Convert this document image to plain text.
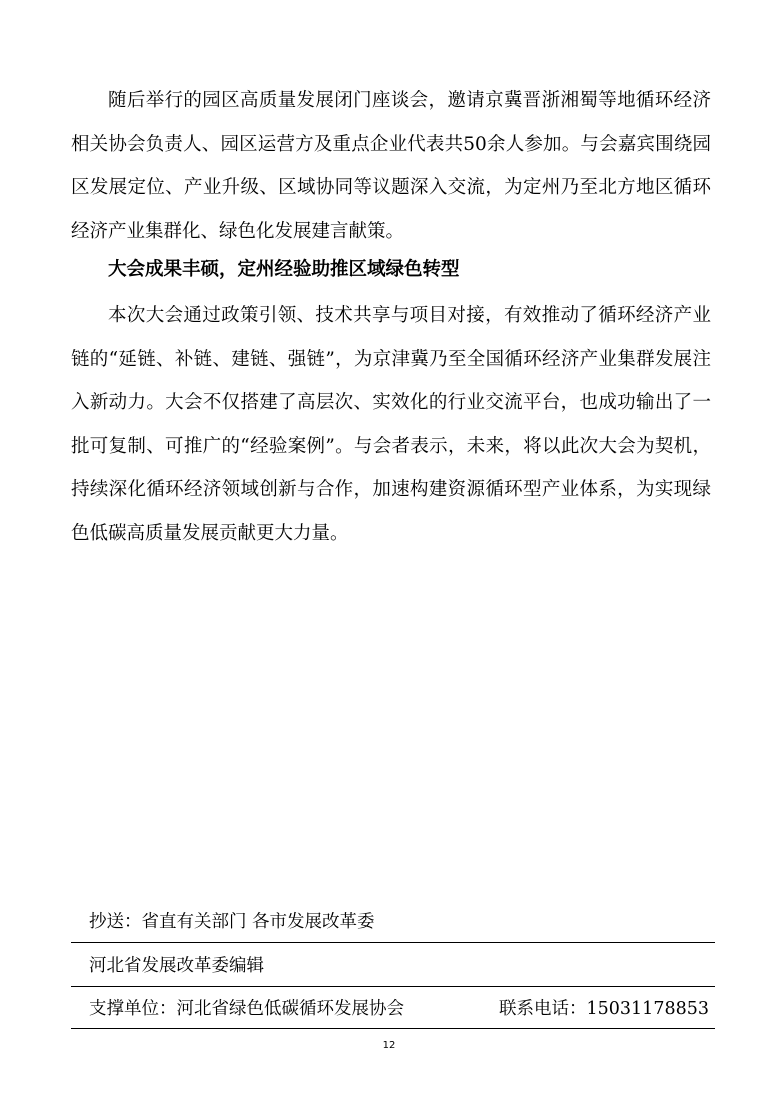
随后举行的园区高质量发展闭门座谈会，邀请京冀晋浙湘蜀等地循环经济相关协会负责人、园区运营方及重点企业代表共50余人参加。与会嘉宾围绕园区发展定位、产业升级、区域协同等议题深入交流，为定州乃至北方地区循环经济产业集群化、绿色化发展建言献策。

大会成果丰硕，定州经验助推区域绿色转型

本次大会通过政策引领、技术共享与项目对接，有效推动了循环经济产业链的“延链、补链、建链、强链”，为京津冀乃至全国循环经济产业集群发展注入新动力。大会不仅搭建了高层次、实效化的行业交流平台，也成功输出了一批可复制、可推广的“经验案例”。与会者表示，未来，将以此次大会为契机，持续深化循环经济领域创新与合作，加速构建资源循环型产业体系，为实现绿色低碳高质量发展贡献更大力量。

抄送：省直有关部门 各市发展改革委
河北省发展改革委编辑
支撑单位：河北省绿色低碳循环发展协会	联系电话：15031178853
12
